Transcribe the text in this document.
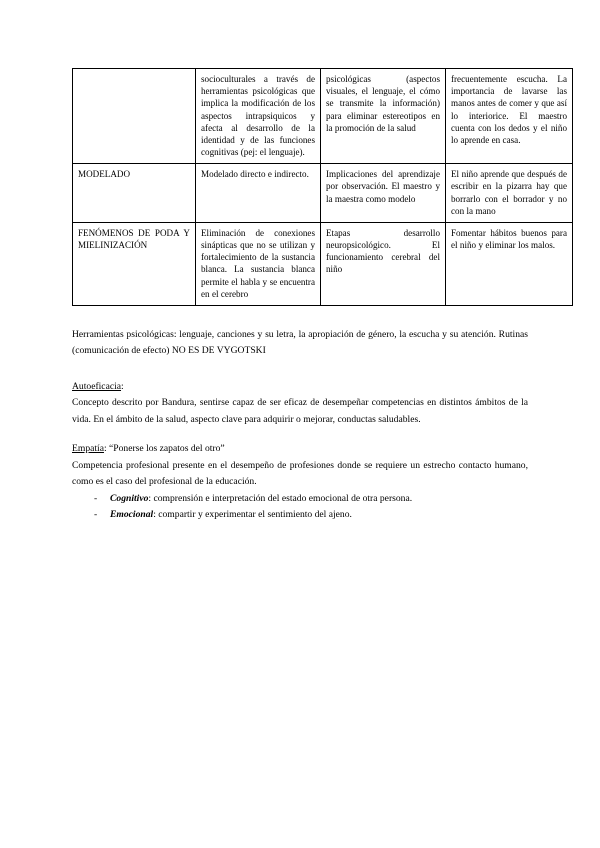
	socioculturales a través de herramientas psicológicas que implica la modificación de los aspectos intrapsiquicos y afecta al desarrollo de la identidad y de las funciones cognitivas (pej: el lenguaje).	psicológicas (aspectos visuales, el lenguaje, el cómo se transmite la información) para eliminar estereotipos en la promoción de la salud	frecuentemente escucha. La importancia de lavarse las manos antes de comer y que así lo interiorice. El maestro cuenta con los dedos y el niño lo aprende en casa.
MODELADO	Modelado directo e indirecto.	Implicaciones del aprendizaje por observación. El maestro y la maestra como modelo	El niño aprende que después de escribir en la pizarra hay que borrarlo con el borrador y no con la mano
FENÓMENOS DE PODA Y MIELINIZACIÓN	Eliminación de conexiones sinápticas que no se utilizan y fortalecimiento de la sustancia blanca. La sustancia blanca permite el habla y se encuentra en el cerebro	Etapas desarrollo neuropsicológico. El funcionamiento cerebral del niño	Fomentar hábitos buenos para el niño y eliminar los malos.

Herramientas psicológicas: lenguaje, canciones y su letra, la apropiación de género, la escucha y su atención. Rutinas (comunicación de efecto) NO ES DE VYGOTSKI

Autoeficacia:

Concepto descrito por Bandura, sentirse capaz de ser eficaz de desempeñar competencias en distintos ámbitos de la vida. En el ámbito de la salud, aspecto clave para adquirir o mejorar, conductas saludables.

Empatía: “Ponerse los zapatos del otro”

Competencia profesional presente en el desempeño de profesiones donde se requiere un estrecho contacto humano, como es el caso del profesional de la educación.

- Cognitivo: comprensión e interpretación del estado emocional de otra persona.
- Emocional: compartir y experimentar el sentimiento del ajeno.
